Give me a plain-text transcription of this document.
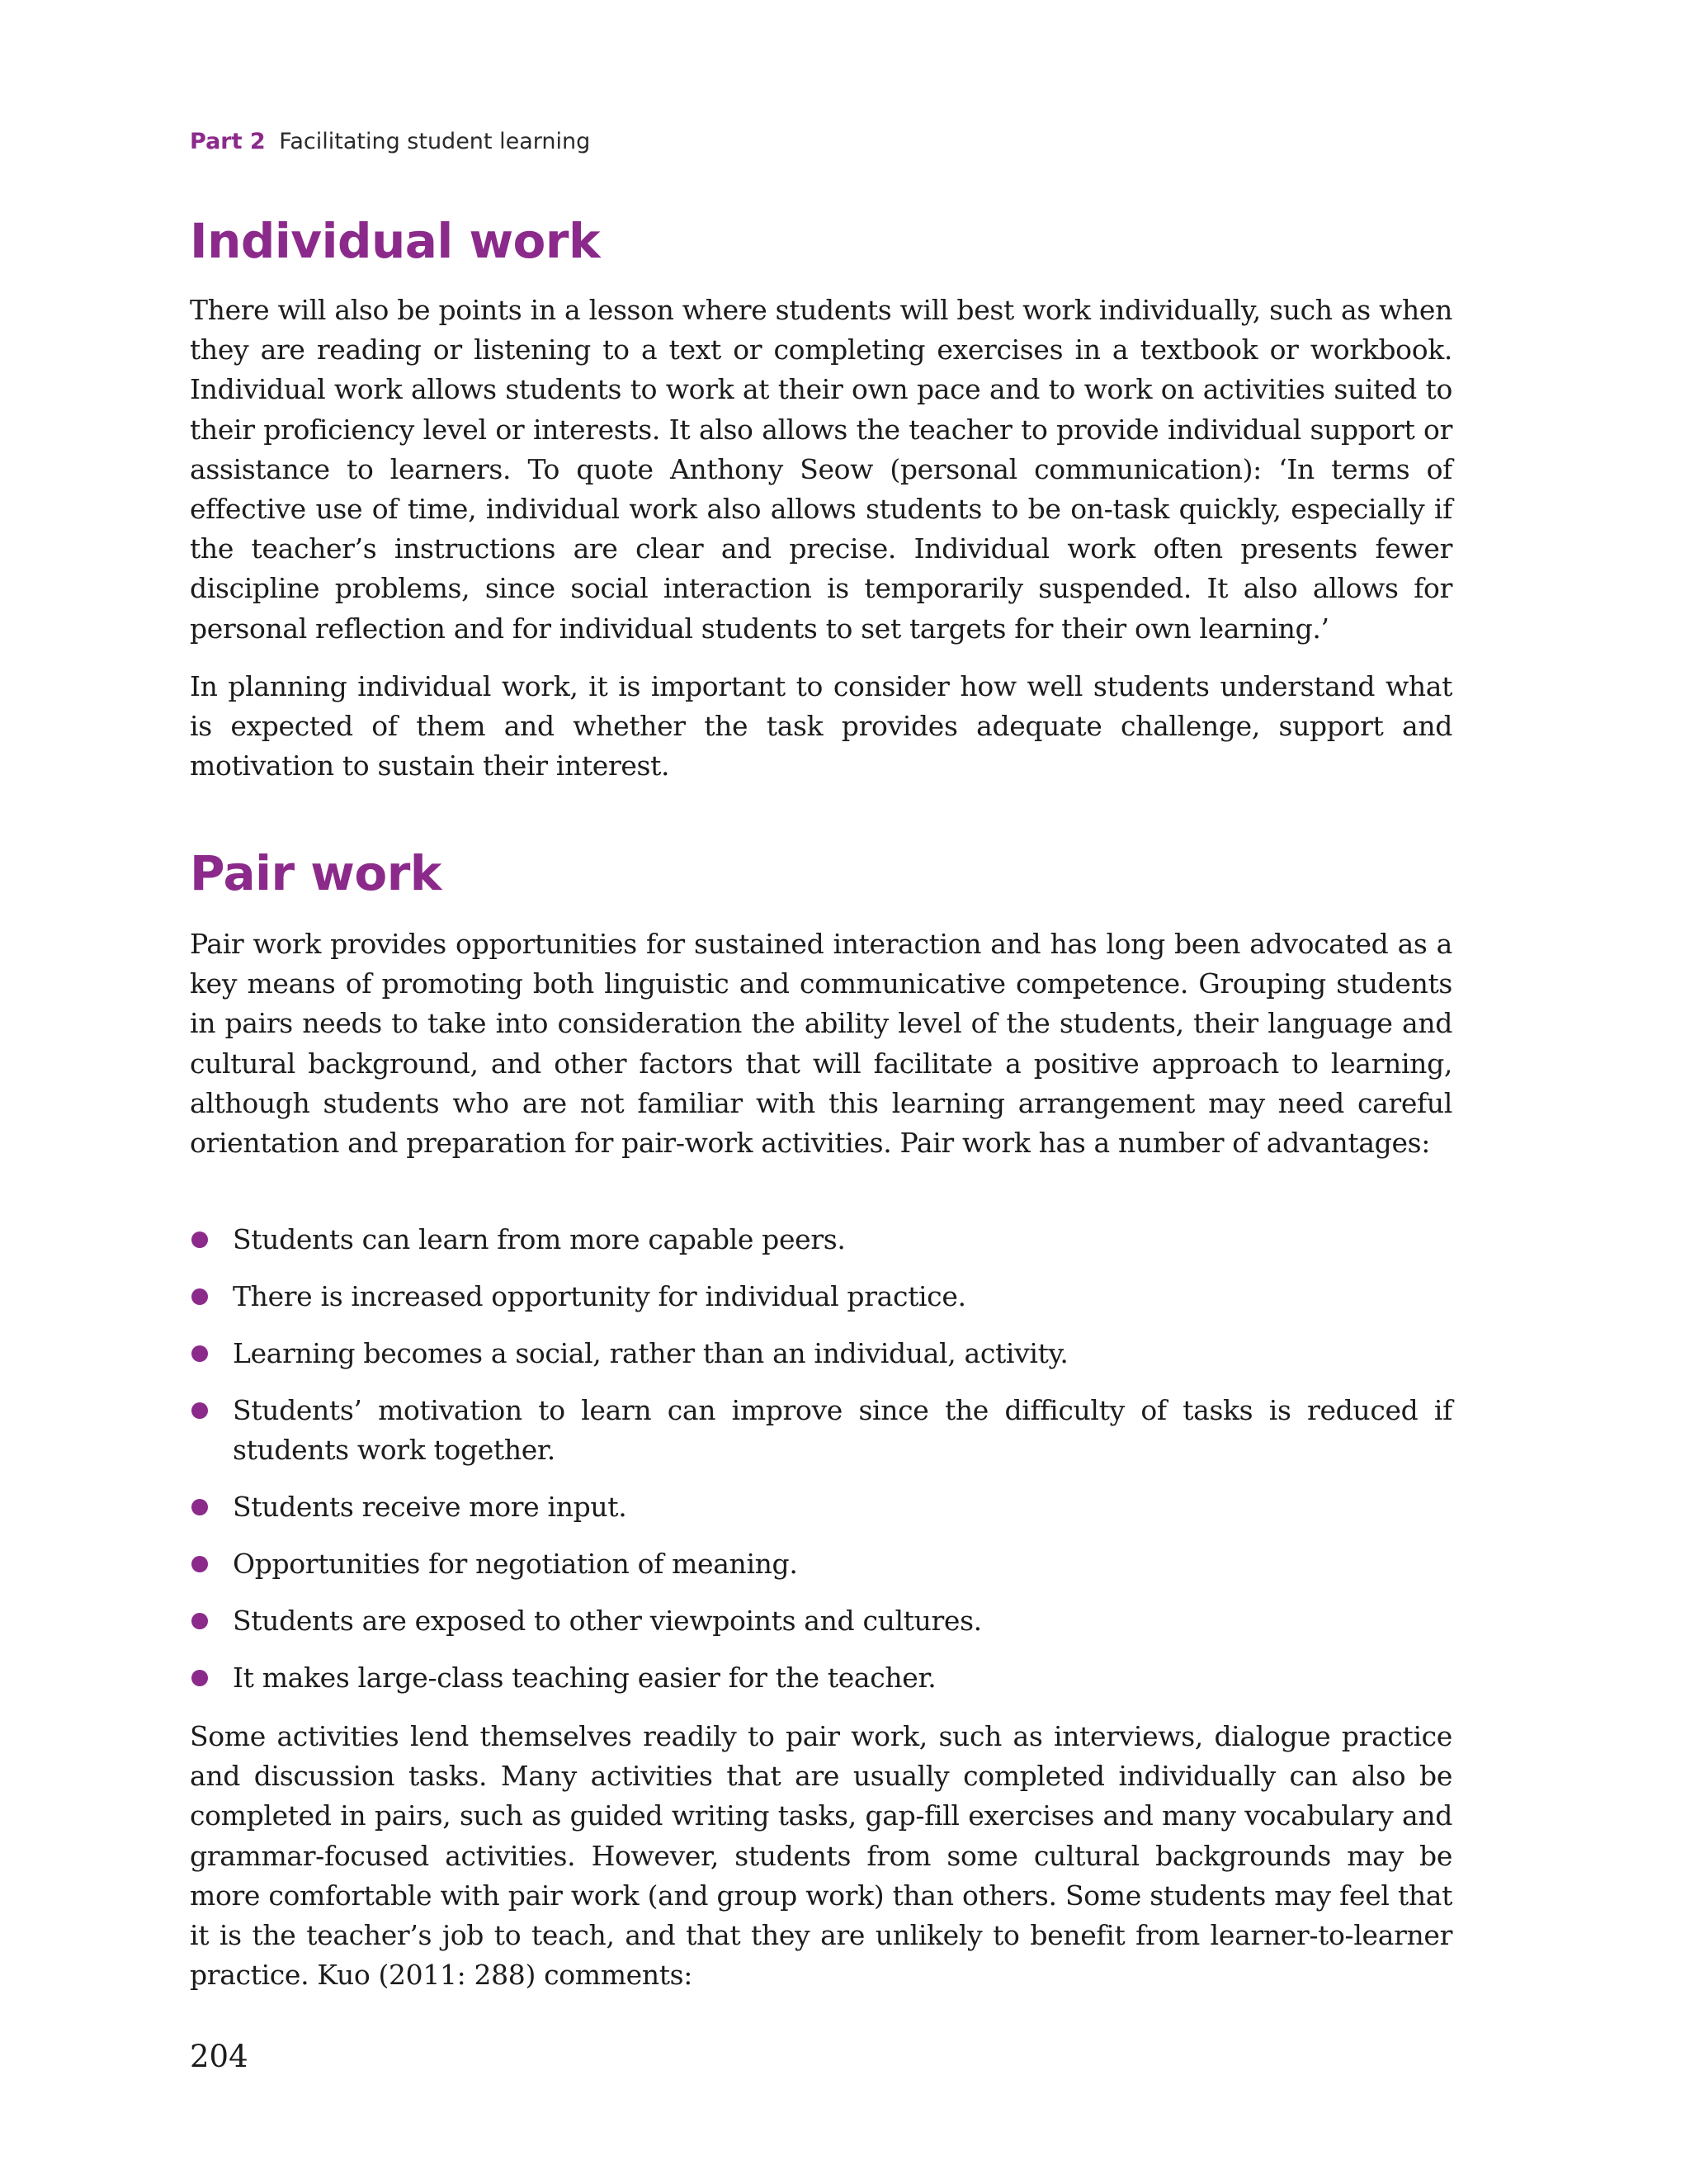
Part 2 Facilitating student learning
Individual work

There will also be points in a lesson where students will best work individually, such as when they are reading or listening to a text or completing exercises in a textbook or workbook. Individual work allows students to work at their own pace and to work on activities suited to their proficiency level or interests. It also allows the teacher to provide individual support or assistance to learners. To quote Anthony Seow (personal communication): ‘In terms of effective use of time, individual work also allows students to be on-task quickly, especially if the teacher’s instructions are clear and precise. Individual work often presents fewer discipline problems, since social interaction is temporarily suspended. It also allows for personal reflection and for individual students to set targets for their own learning.’

In planning individual work, it is important to consider how well students understand what is expected of them and whether the task provides adequate challenge, support and motivation to sustain their interest.

Pair work

Pair work provides opportunities for sustained interaction and has long been advocated as a key means of promoting both linguistic and communicative competence. Grouping students in pairs needs to take into consideration the ability level of the students, their language and cultural background, and other factors that will facilitate a positive approach to learning, although students who are not familiar with this learning arrangement may need careful orientation and preparation for pair-work activities. Pair work has a number of advantages:

Students can learn from more capable peers.
There is increased opportunity for individual practice.
Learning becomes a social, rather than an individual, activity.
Students’ motivation to learn can improve since the difficulty of tasks is reduced if students work together.
Students receive more input.
Opportunities for negotiation of meaning.
Students are exposed to other viewpoints and cultures.
It makes large-class teaching easier for the teacher.

Some activities lend themselves readily to pair work, such as interviews, dialogue practice and discussion tasks. Many activities that are usually completed individually can also be completed in pairs, such as guided writing tasks, gap-fill exercises and many vocabulary and grammar-focused activities. However, students from some cultural backgrounds may be more comfortable with pair work (and group work) than others. Some students may feel that it is the teacher’s job to teach, and that they are unlikely to benefit from learner-to-learner practice. Kuo (2011: 288) comments:

204
